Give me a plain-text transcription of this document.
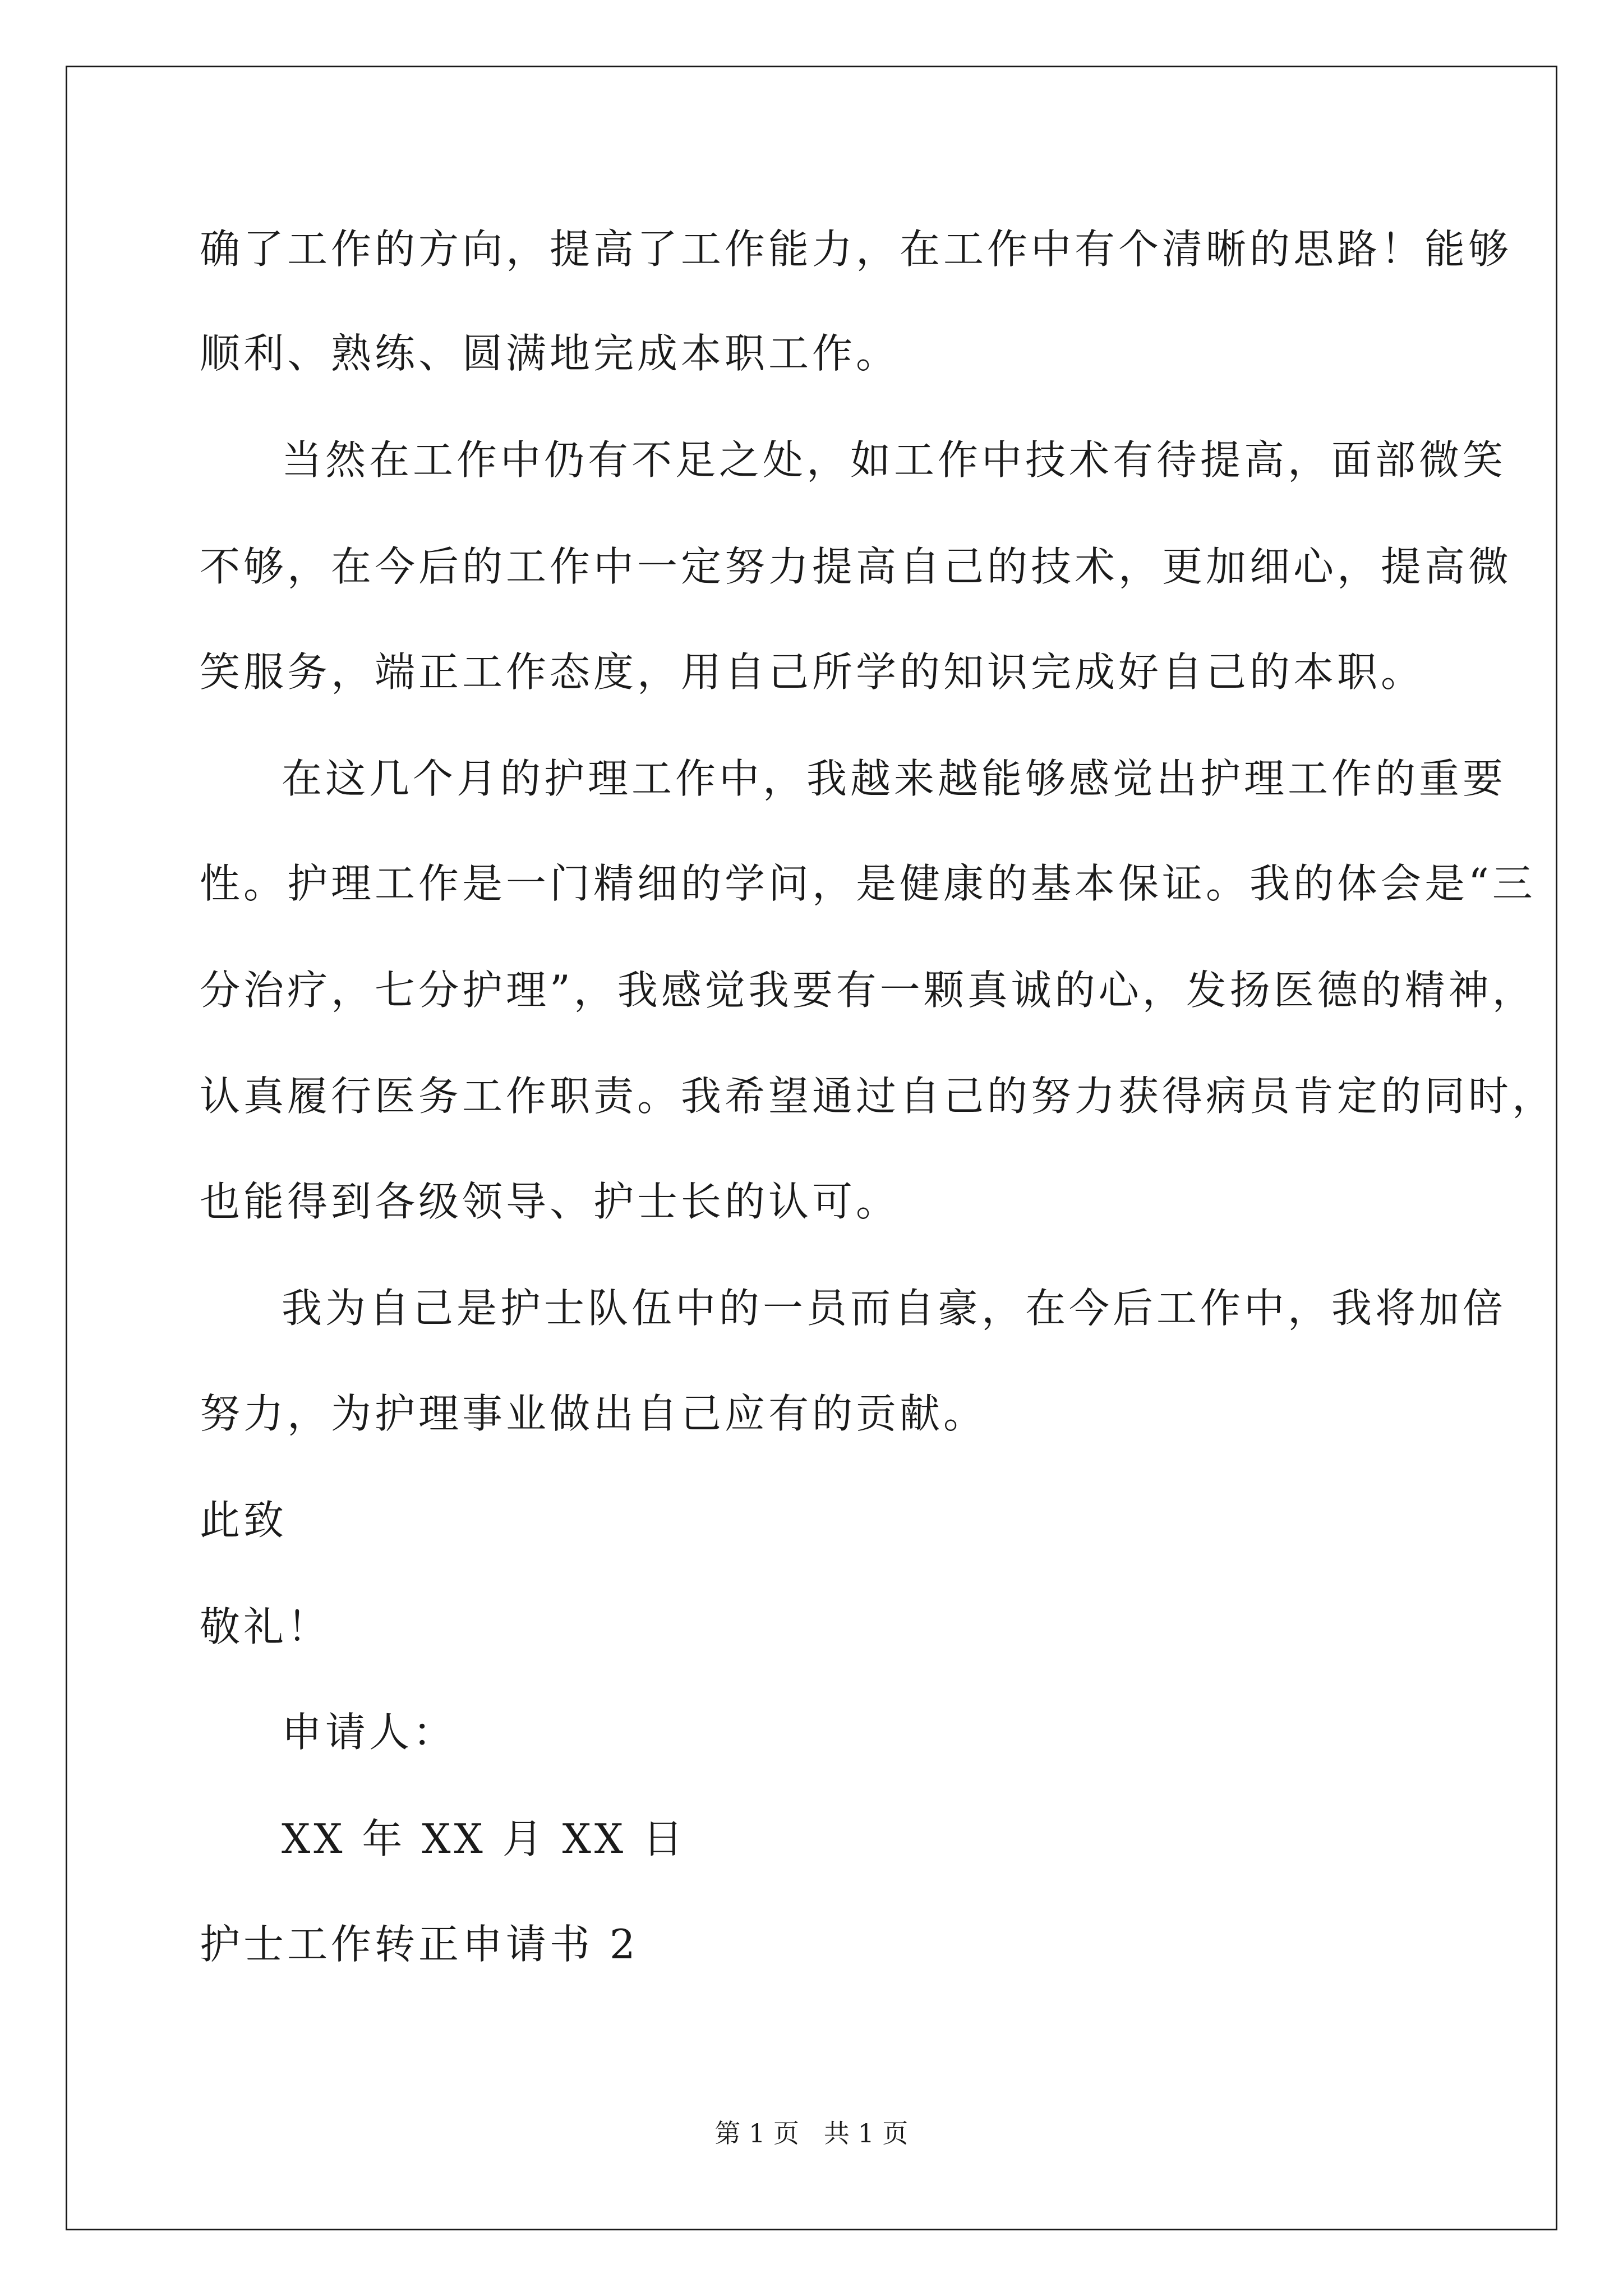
确了工作的方向，提高了工作能力，在工作中有个清晰的思路！能够
顺利、熟练、圆满地完成本职工作。
当然在工作中仍有不足之处，如工作中技术有待提高，面部微笑
不够，在今后的工作中一定努力提高自己的技术，更加细心，提高微
笑服务，端正工作态度，用自己所学的知识完成好自己的本职。
在这几个月的护理工作中，我越来越能够感觉出护理工作的重要
性。护理工作是一门精细的学问，是健康的基本保证。我的体会是“三
分治疗，七分护理”，我感觉我要有一颗真诚的心，发扬医德的精神，
认真履行医务工作职责。我希望通过自己的努力获得病员肯定的同时，
也能得到各级领导、护士长的认可。
我为自己是护士队伍中的一员而自豪，在今后工作中，我将加倍
努力，为护理事业做出自己应有的贡献。
此致
敬礼！
申请人：
XX 年 XX 月 XX 日
护士工作转正申请书 2
第 1 页   共 1 页
